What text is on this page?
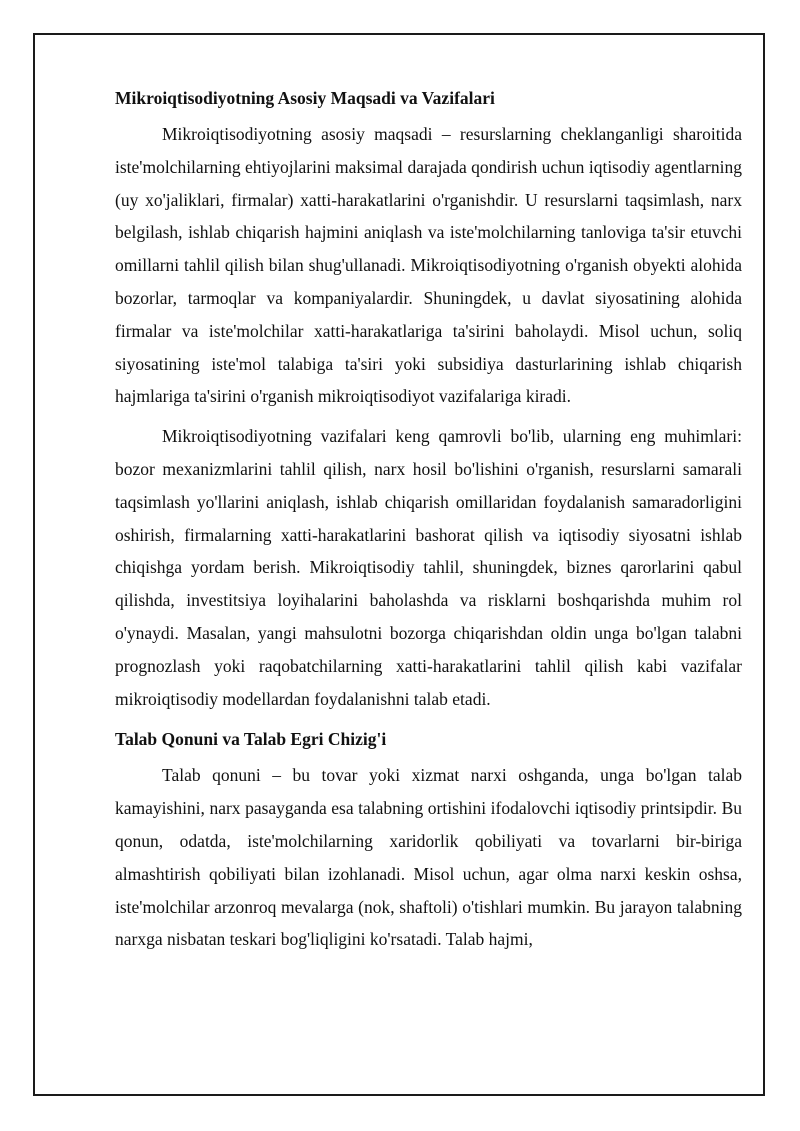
Mikroiqtisodiyotning Asosiy Maqsadi va Vazifalari

Mikroiqtisodiyotning asosiy maqsadi – resurslarning cheklanganligi sharoitida iste'molchilarning ehtiyojlarini maksimal darajada qondirish uchun iqtisodiy agentlarning (uy xo'jaliklari, firmalar) xatti-harakatlarini o'rganishdir. U resurslarni taqsimlash, narx belgilash, ishlab chiqarish hajmini aniqlash va iste'molchilarning tanloviga ta'sir etuvchi omillarni tahlil qilish bilan shug'ullanadi. Mikroiqtisodiyotning o'rganish obyekti alohida bozorlar, tarmoqlar va kompaniyalardir. Shuningdek, u davlat siyosatining alohida firmalar va iste'molchilar xatti-harakatlariga ta'sirini baholaydi. Misol uchun, soliq siyosatining iste'mol talabiga ta'siri yoki subsidiya dasturlarining ishlab chiqarish hajmlariga ta'sirini o'rganish mikroiqtisodiyot vazifalariga kiradi.

Mikroiqtisodiyotning vazifalari keng qamrovli bo'lib, ularning eng muhimlari: bozor mexanizmlarini tahlil qilish, narx hosil bo'lishini o'rganish, resurslarni samarali taqsimlash yo'llarini aniqlash, ishlab chiqarish omillaridan foydalanish samaradorligini oshirish, firmalarning xatti-harakatlarini bashorat qilish va iqtisodiy siyosatni ishlab chiqishga yordam berish. Mikroiqtisodiy tahlil, shuningdek, biznes qarorlarini qabul qilishda, investitsiya loyihalarini baholashda va risklarni boshqarishda muhim rol o'ynaydi. Masalan, yangi mahsulotni bozorga chiqarishdan oldin unga bo'lgan talabni prognozlash yoki raqobatchilarning xatti-harakatlarini tahlil qilish kabi vazifalar mikroiqtisodiy modellardan foydalanishni talab etadi.

Talab Qonuni va Talab Egri Chizig'i

Talab qonuni – bu tovar yoki xizmat narxi oshganda, unga bo'lgan talab kamayishini, narx pasayganda esa talabning ortishini ifodalovchi iqtisodiy printsipdir. Bu qonun, odatda, iste'molchilarning xaridorlik qobiliyati va tovarlarni bir-biriga almashtirish qobiliyati bilan izohlanadi. Misol uchun, agar olma narxi keskin oshsa, iste'molchilar arzonroq mevalarga (nok, shaftoli) o'tishlari mumkin. Bu jarayon talabning narxga nisbatan teskari bog'liqligini ko'rsatadi. Talab hajmi,
